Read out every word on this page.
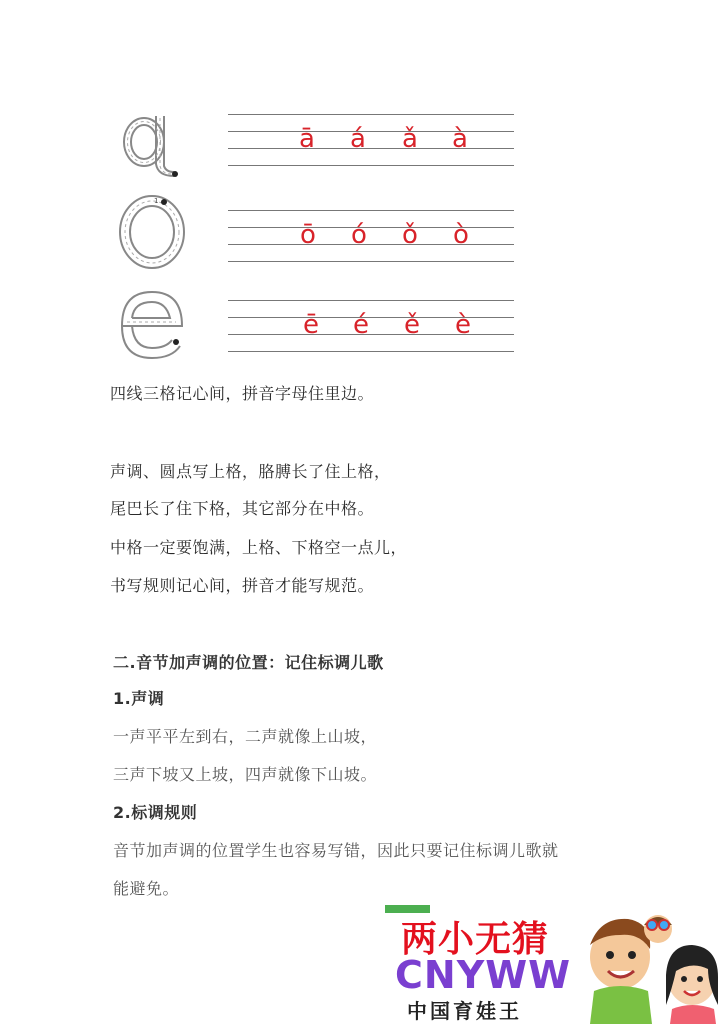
ā	á	ǎ	à
1
ō	ó	ǒ	ò
ē	é	ě	è
四线三格记心间，拼音字母住里边。
声调、圆点写上格，胳膊长了住上格，
尾巴长了住下格，其它部分在中格。
中格一定要饱满，上格、下格空一点儿，
书写规则记心间，拼音才能写规范。
二.音节加声调的位置：记住标调儿歌
1.声调
一声平平左到右，二声就像上山坡，
三声下坡又上坡，四声就像下山坡。
2.标调规则
音节加声调的位置学生也容易写错，因此只要记住标调儿歌就
能避免。
两小无猜
CNYWW
中国育娃王
